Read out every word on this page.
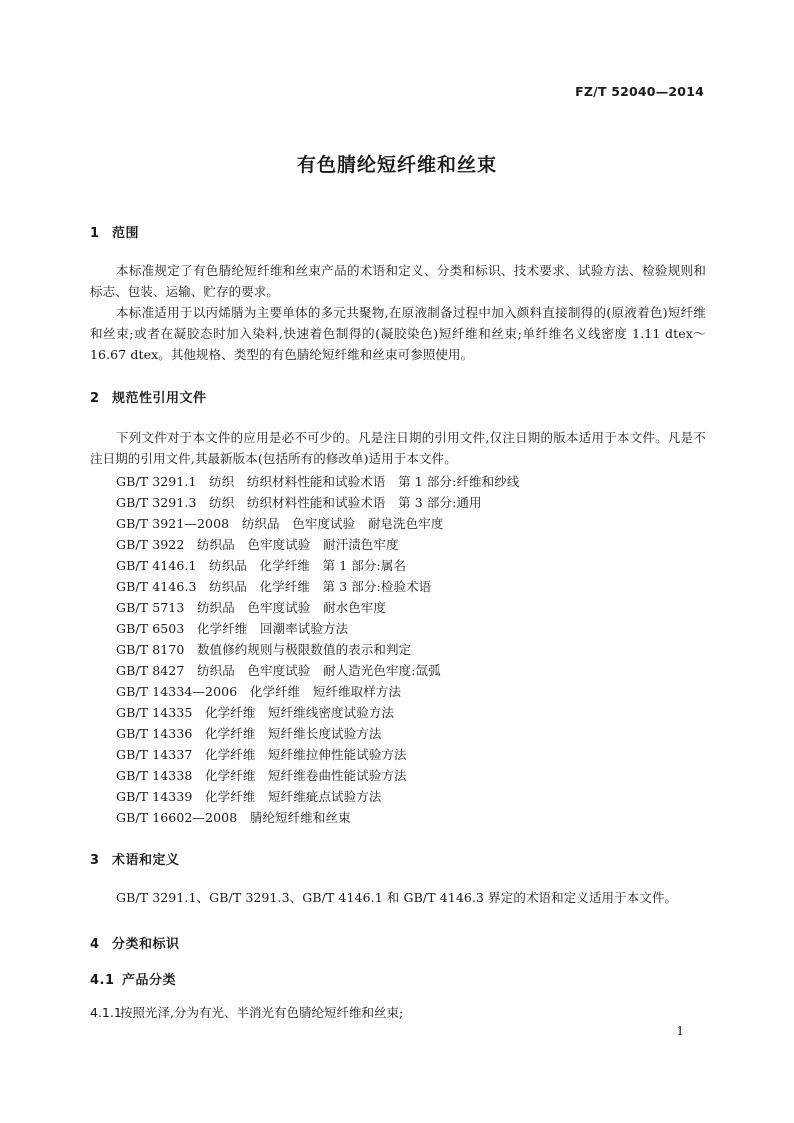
FZ/T 52040—2014
有色腈纶短纤维和丝束
1 范围
本标准规定了有色腈纶短纤维和丝束产品的术语和定义、分类和标识、技术要求、试验方法、检验规则和标志、包装、运输、贮存的要求。
本标准适用于以丙烯腈为主要单体的多元共聚物,在原液制备过程中加入颜料直接制得的(原液着色)短纤维和丝束;或者在凝胶态时加入染料,快速着色制得的(凝胶染色)短纤维和丝束;单纤维名义线密度 1.11 dtex～16.67 dtex。其他规格、类型的有色腈纶短纤维和丝束可参照使用。
2 规范性引用文件
下列文件对于本文件的应用是必不可少的。凡是注日期的引用文件,仅注日期的版本适用于本文件。凡是不注日期的引用文件,其最新版本(包括所有的修改单)适用于本文件。
GB/T 3291.1　纺织　纺织材料性能和试验术语　第 1 部分:纤维和纱线
GB/T 3291.3　纺织　纺织材料性能和试验术语　第 3 部分:通用
GB/T 3921—2008　纺织品　色牢度试验　耐皂洗色牢度
GB/T 3922　纺织品　色牢度试验　耐汗渍色牢度
GB/T 4146.1　纺织品　化学纤维　第 1 部分:属名
GB/T 4146.3　纺织品　化学纤维　第 3 部分:检验术语
GB/T 5713　纺织品　色牢度试验　耐水色牢度
GB/T 6503　化学纤维　回潮率试验方法
GB/T 8170　数值修约规则与极限数值的表示和判定
GB/T 8427　纺织品　色牢度试验　耐人造光色牢度:氙弧
GB/T 14334—2006　化学纤维　短纤维取样方法
GB/T 14335　化学纤维　短纤维线密度试验方法
GB/T 14336　化学纤维　短纤维长度试验方法
GB/T 14337　化学纤维　短纤维拉伸性能试验方法
GB/T 14338　化学纤维　短纤维卷曲性能试验方法
GB/T 14339　化学纤维　短纤维疵点试验方法
GB/T 16602—2008　腈纶短纤维和丝束
3 术语和定义
GB/T 3291.1、GB/T 3291.3、GB/T 4146.1 和 GB/T 4146.3 界定的术语和定义适用于本文件。
4 分类和标识
4.1 产品分类
4.1.1按照光泽,分为有光、半消光有色腈纶短纤维和丝束;
1
